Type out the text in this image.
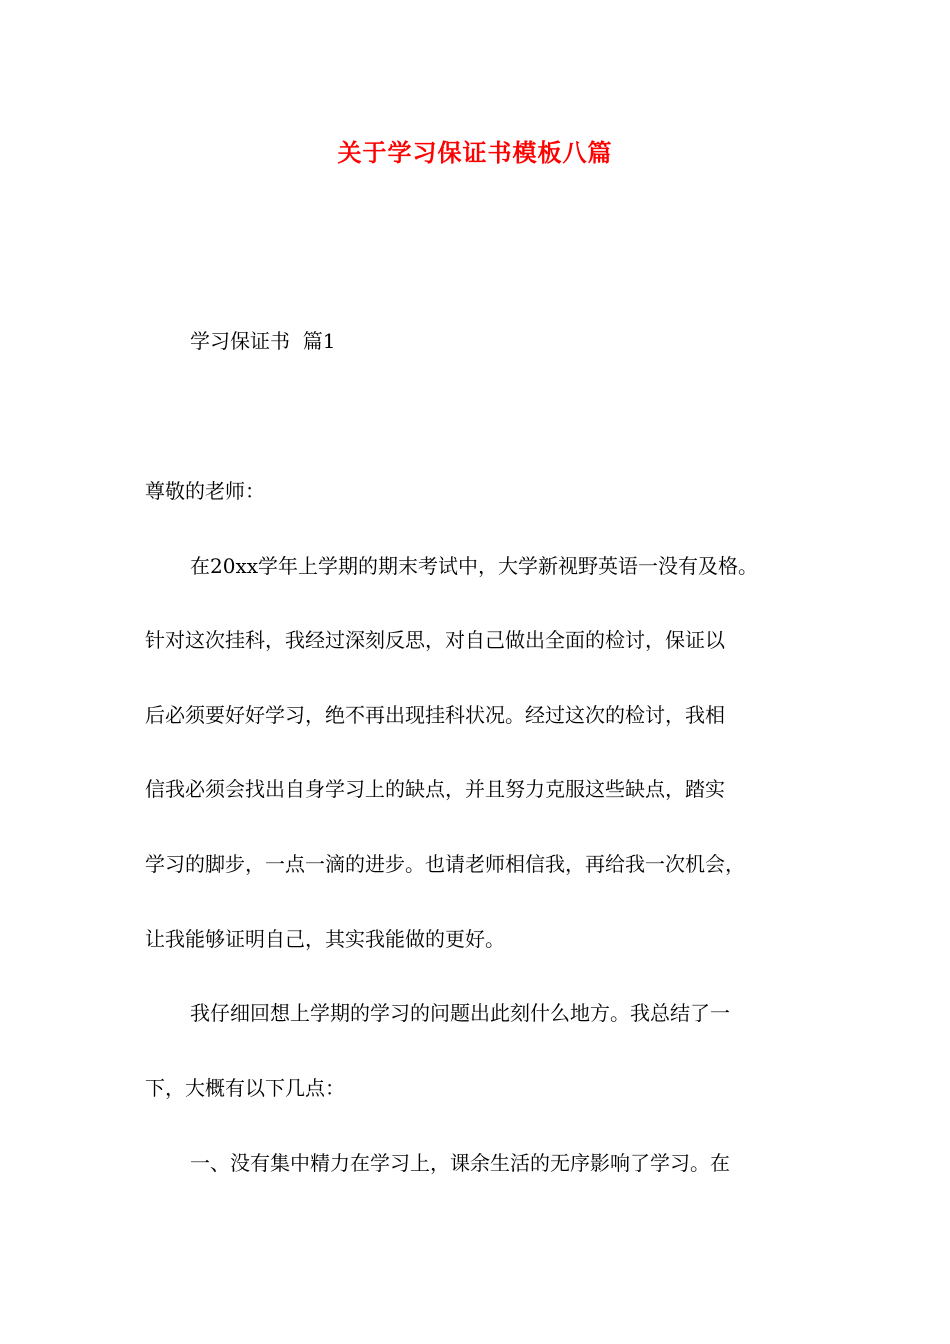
关于学习保证书模板八篇
学习保证书  篇1
尊敬的老师：
在20xx学年上学期的期末考试中，大学新视野英语一没有及格。
针对这次挂科，我经过深刻反思，对自己做出全面的检讨，保证以
后必须要好好学习，绝不再出现挂科状况。经过这次的检讨，我相
信我必须会找出自身学习上的缺点，并且努力克服这些缺点，踏实
学习的脚步，一点一滴的进步。也请老师相信我，再给我一次机会，
让我能够证明自己，其实我能做的更好。
我仔细回想上学期的学习的问题出此刻什么地方。我总结了一
下，大概有以下几点：
一、没有集中精力在学习上，课余生活的无序影响了学习。在
